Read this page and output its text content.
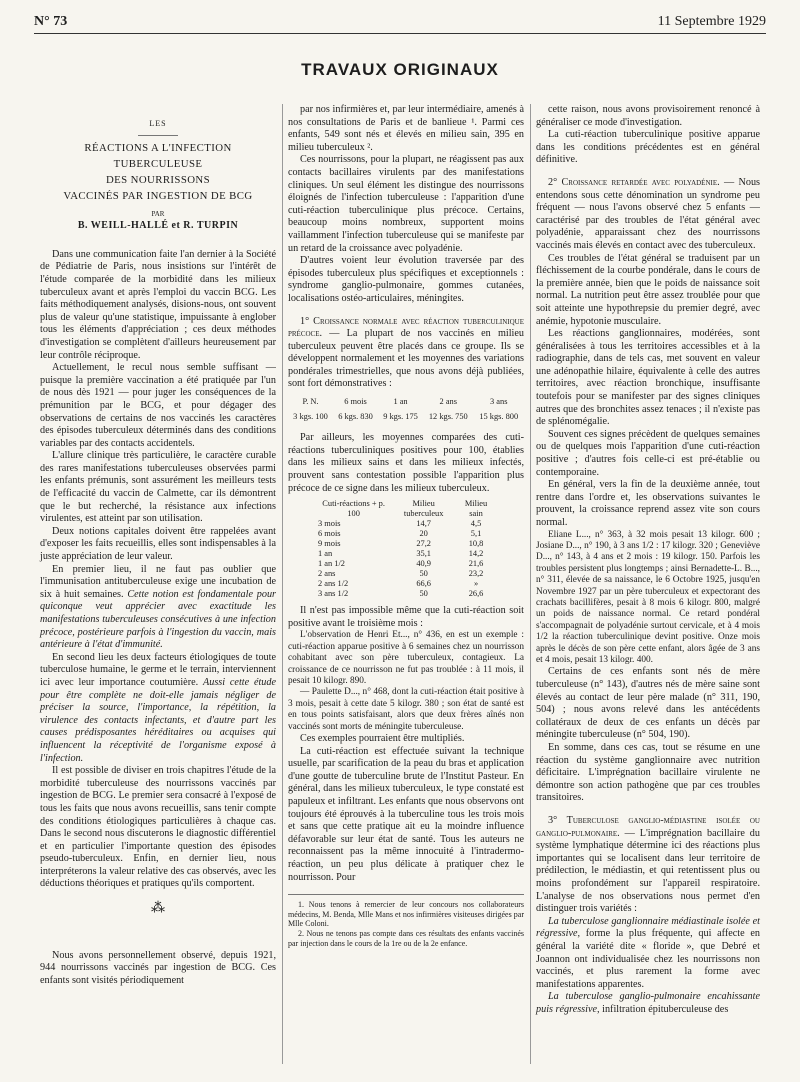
N° 73	11 Septembre 1929
TRAVAUX ORIGINAUX
LES
RÉACTIONS A L'INFECTION TUBERCULEUSE
DES NOURRISSONS
VACCINÉS PAR INGESTION DE BCG
PAR
B. WEILL-HALLÉ et R. TURPIN

Dans une communication faite l'an dernier à la Société de Pédiatrie de Paris, nous insistions sur l'intérêt de l'étude comparée de la morbidité dans les milieux tuberculeux avant et après l'emploi du vaccin BCG. Les faits méthodiquement analysés, disions-nous, ont souvent plus de valeur qu'une statistique, impuissante à englober tous les éléments d'appréciation ; ces deux méthodes d'investigation se complètent d'ailleurs heureusement par leur contrôle réciproque.

Actuellement, le recul nous semble suffisant — puisque la première vaccination a été pratiquée par l'un de nous dès 1921 — pour juger les conséquences de la prémunition par le BCG, et pour dégager des observations de certains de nos vaccinés les caractères des épisodes tuberculeux déterminés dans des conditions variables par des contacts accidentels.

L'allure clinique très particulière, le caractère curable des rares manifestations tuberculeuses observées parmi les enfants prémunis, sont assurément les meilleurs tests de l'efficacité du vaccin de Calmette, car ils démontrent que le but recherché, la résistance aux infections virulentes, est atteint par son utilisation.

Deux notions capitales doivent être rappelées avant d'exposer les faits recueillis, elles sont indispensables à la juste appréciation de leur valeur.

En premier lieu, il ne faut pas oublier que l'immunisation antituberculeuse exige une incubation de six à huit semaines. Cette notion est fondamentale pour quiconque veut apprécier avec exactitude les manifestations tuberculeuses consécutives à une infection précoce, postérieure parfois à l'ingestion du vaccin, mais antérieure à l'état d'immunité.

En second lieu les deux facteurs étiologiques de toute tuberculose humaine, le germe et le terrain, interviennent ici avec leur importance coutumière. Aussi cette étude pour être complète ne doit-elle jamais négliger de préciser la source, l'importance, la répétition, la virulence des contacts infectants, et d'autre part les causes prédisposantes héréditaires ou acquises qui influencent la réceptivité de l'organisme exposé à l'infection.

Il est possible de diviser en trois chapitres l'étude de la morbidité tuberculeuse des nourrissons vaccinés par ingestion de BCG. Le premier sera consacré à l'exposé de tous les faits que nous avons recueillis, sans tenir compte des conditions étiologiques particulières à chaque cas. Dans le second nous discuterons le diagnostic différentiel et en particulier l'importante question des épisodes pseudo-tuberculeux. Enfin, en dernier lieu, nous interpréterons la valeur relative des cas observés, avec les déductions théoriques et pratiques qu'ils comportent.

⁂

Nous avons personnellement observé, depuis 1921, 944 nourrissons vaccinés par ingestion de BCG. Ces enfants sont visités périodiquement

par nos infirmières et, par leur intermédiaire, amenés à nos consultations de Paris et de banlieue ¹. Parmi ces enfants, 549 sont nés et élevés en milieu sain, 395 en milieu tuberculeux ².

Ces nourrissons, pour la plupart, ne réagissent pas aux contacts bacillaires virulents par des manifestations cliniques. Un seul élément les distingue des nourrissons éloignés de l'infection tuberculeuse : l'apparition d'une cuti-réaction tuberculinique plus précoce. Certains, beaucoup moins nombreux, supportent moins vaillamment l'infection tuberculeuse qui se manifeste par un retard de la croissance avec polyadénie.

D'autres voient leur évolution traversée par des épisodes tuberculeux plus spécifiques et exceptionnels : syndrome ganglio-pulmonaire, gommes cutanées, localisations ostéo-articulaires, méningites.

1° Croissance normale avec réaction tuberculinique précoce. — La plupart de nos vaccinés en milieu tuberculeux peuvent être placés dans ce groupe. Ils se développent normalement et les moyennes des variations pondérales trimestrielles, que nous avons déjà publiées, sont fort démonstratives :

P. N.	6 mois	1 an	2 ans	3 ans
3 kgs. 100	6 kgs. 830	9 kgs. 175	12 kgs. 750	15 kgs. 800

Par ailleurs, les moyennes comparées des cuti-réactions tuberculiniques positives pour 100, établies dans les milieux sains et dans les milieux infectés, prouvent sans contestation possible l'apparition plus précoce de ce signe dans les milieux tuberculeux.

Cuti-réactions + p. 100	Milieu tuberculeux	Milieu sain
3 mois	14,7	4,5
6 mois	20	5,1
9 mois	27,2	10,8
1 an	35,1	14,2
1 an 1/2	40,9	21,6
2 ans	50	23,2
2 ans 1/2	66,6	»
3 ans 1/2	50	26,6

Il n'est pas impossible même que la cuti-réaction soit positive avant le troisième mois :

L'observation de Henri Et..., n° 436, en est un exemple : cuti-réaction apparue positive à 6 semaines chez un nourrisson cohabitant avec son père tuberculeux, contagieux. La croissance de ce nourrisson ne fut pas troublée : à 11 mois, il pesait 10 kilogr. 890.

— Paulette D..., n° 468, dont la cuti-réaction était positive à 3 mois, pesait à cette date 5 kilogr. 380 ; son état de santé est en tous points satisfaisant, alors que deux frères aînés non vaccinés sont morts de méningite tuberculeuse.

Ces exemples pourraient être multipliés.

La cuti-réaction est effectuée suivant la technique usuelle, par scarification de la peau du bras et application d'une goutte de tuberculine brute de l'Institut Pasteur. En général, dans les milieux tuberculeux, le type constaté est papuleux et infiltrant. Les enfants que nous observons ont toujours été éprouvés à la tuberculine tous les trois mois et sans que cette pratique ait eu la moindre influence défavorable sur leur état de santé. Tous les auteurs ne reconnaissent pas la même innocuité à l'intradermo-réaction, un peu plus délicate à pratiquer chez le nourrisson. Pour

1. Nous tenons à remercier de leur concours nos collaborateurs médecins, M. Benda, Mlle Mans et nos infirmières visiteuses dirigées par Mlle Coloni.

2. Nous ne tenons pas compte dans ces résultats des enfants vaccinés par injection dans le cours de la 1re ou de la 2e enfance.

cette raison, nous avons provisoirement renoncé à généraliser ce mode d'investigation.

La cuti-réaction tuberculinique positive apparue dans les conditions précédentes est en général définitive.

2° Croissance retardée avec polyadénie. — Nous entendons sous cette dénomination un syndrome peu fréquent — nous l'avons observé chez 5 enfants — caractérisé par des troubles de l'état général avec polyadénie, apparaissant chez des nourrissons vaccinés mais élevés en contact avec des tuberculeux.

Ces troubles de l'état général se traduisent par un fléchissement de la courbe pondérale, dans le cours de la première année, bien que le poids de naissance soit normal. La nutrition peut être assez troublée pour que soit atteinte une hypothrepsie du premier degré, avec anémie, hypotonie musculaire.

Les réactions ganglionnaires, modérées, sont généralisées à tous les territoires accessibles et à la radiographie, dans de tels cas, met souvent en valeur une adénopathie hilaire, équivalente à celle des autres territoires, avec réaction bronchique, insuffisante toutefois pour se manifester par des signes cliniques autres que des bronchites assez tenaces ; il n'existe pas de splénomégalie.

Souvent ces signes précèdent de quelques semaines ou de quelques mois l'apparition d'une cuti-réaction positive ; d'autres fois celle-ci est pré-établie ou contemporaine.

En général, vers la fin de la deuxième année, tout rentre dans l'ordre et, les observations suivantes le prouvent, la croissance reprend assez vite son cours normal.

Eliane L..., n° 363, à 32 mois pesait 13 kilogr. 600 ; Josiane D..., n° 190, à 3 ans 1/2 : 17 kilogr. 320 ; Geneviève D..., n° 143, à 4 ans et 2 mois : 19 kilogr. 150. Parfois les troubles persistent plus longtemps ; ainsi Bernadette-L. B..., n° 311, élevée de sa naissance, le 6 Octobre 1925, jusqu'en Novembre 1927 par un père tuberculeux et expectorant des crachats bacillifères, pesait à 8 mois 6 kilogr. 800, malgré un poids de naissance normal. Ce retard pondéral s'accompagnait de polyadénie surtout cervicale, et à 4 mois 1/2 la réaction tuberculinique devint positive. Onze mois après le décès de son père cette enfant, alors âgée de 3 ans et 4 mois, pesait 13 kilogr. 400.

Certains de ces enfants sont nés de mère tuberculeuse (n° 143), d'autres nés de mère saine sont élevés au contact de leur père malade (n° 311, 190, 504) ; nous avons relevé dans les antécédents collatéraux de deux de ces enfants un décès par méningite tuberculeuse (n° 504, 190).

En somme, dans ces cas, tout se résume en une réaction du système ganglionnaire avec nutrition déficitaire. L'imprégnation bacillaire virulente ne démontre son action pathogène que par ces troubles transitoires.

3° Tuberculose ganglio-médiastine isolée ou ganglio-pulmonaire. — L'imprégnation bacillaire du système lymphatique détermine ici des réactions plus importantes qui se localisent dans leur territoire de prédilection, le médiastin, et qui retentissent plus ou moins profondément sur l'appareil respiratoire. L'analyse de nos observations nous permet d'en distinguer trois variétés :

La tuberculose ganglionnaire médiastinale isolée et régressive, forme la plus fréquente, qui affecte en général la variété dite « floride », que Debré et Joannon ont individualisée chez les nourrissons non vaccinés, et plus rarement la forme avec manifestations apparentes.

La tuberculose ganglio-pulmonaire encahissante puis régressive, infiltration épituberculeuse des
